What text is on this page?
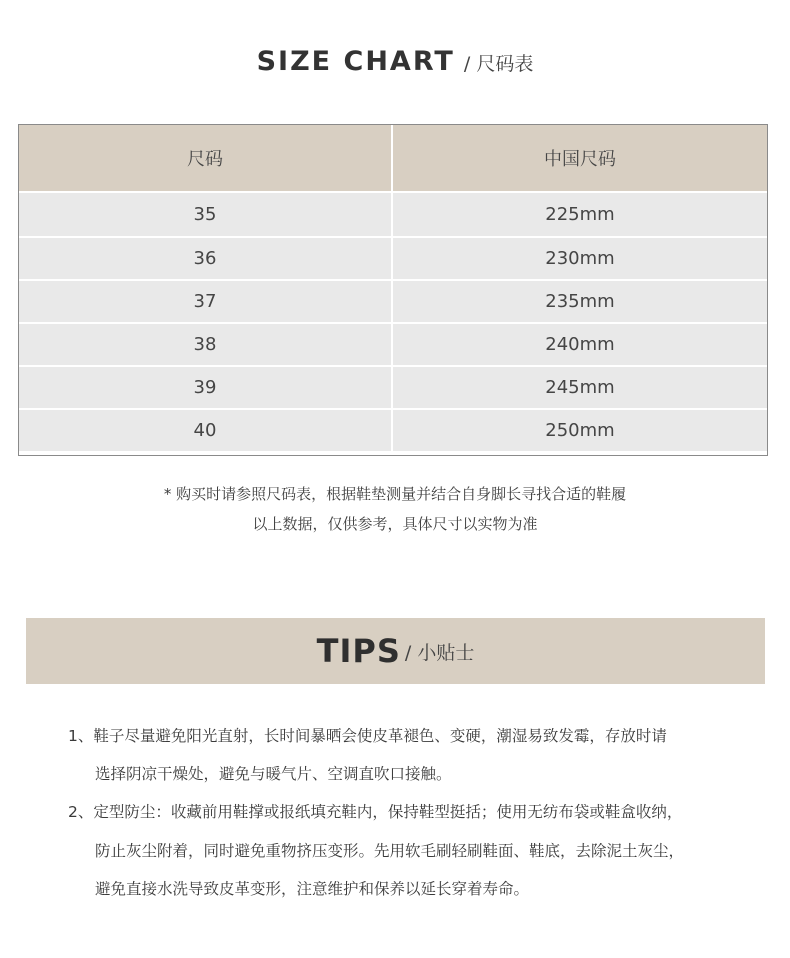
SIZE CHART / 尺码表
尺码	中国尺码
35	225mm
36	230mm
37	235mm
38	240mm
39	245mm
40	250mm
* 购买时请参照尺码表，根据鞋垫测量并结合自身脚长寻找合适的鞋履
以上数据，仅供参考，具体尺寸以实物为准
TIPS / 小贴士
1、鞋子尽量避免阳光直射，长时间暴晒会使皮革褪色、变硬，潮湿易致发霉，存放时请
选择阴凉干燥处，避免与暖气片、空调直吹口接触。
2、定型防尘：收藏前用鞋撑或报纸填充鞋内，保持鞋型挺括；使用无纺布袋或鞋盒收纳，
防止灰尘附着，同时避免重物挤压变形。先用软毛刷轻刷鞋面、鞋底，去除泥土灰尘，
避免直接水洗导致皮革变形，注意维护和保养以延长穿着寿命。
